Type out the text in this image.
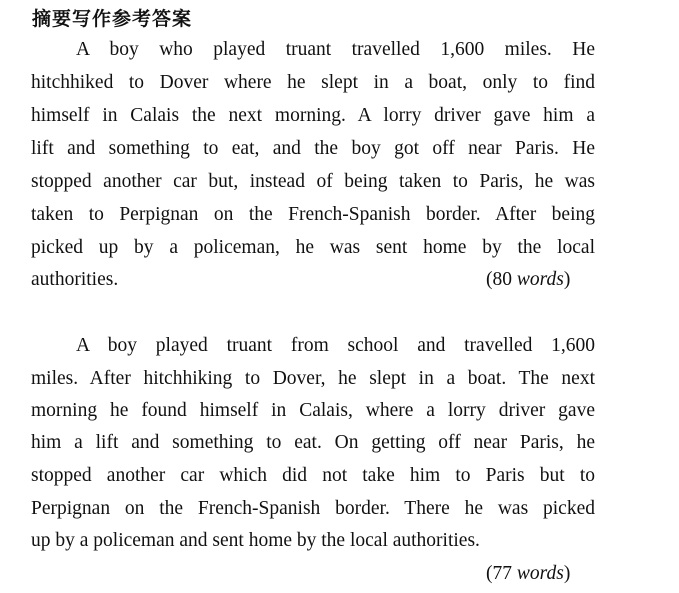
摘要写作参考答案
A boy who played truant travelled 1,600 miles. He
hitchhiked to Dover where he slept in a boat, only to find
himself in Calais the next morning. A lorry driver gave him a
lift and something to eat, and the boy got off near Paris. He
stopped another car but, instead of being taken to Paris, he was
taken to Perpignan on the French-Spanish border. After being
picked up by a policeman, he was sent home by the local
authorities.	(80 words)
A boy played truant from school and travelled 1,600
miles. After hitchhiking to Dover, he slept in a boat. The next
morning he found himself in Calais, where a lorry driver gave
him a lift and something to eat. On getting off near Paris, he
stopped another car which did not take him to Paris but to
Perpignan on the French-Spanish border. There he was picked
up by a policeman and sent home by the local authorities.
(77 words)
